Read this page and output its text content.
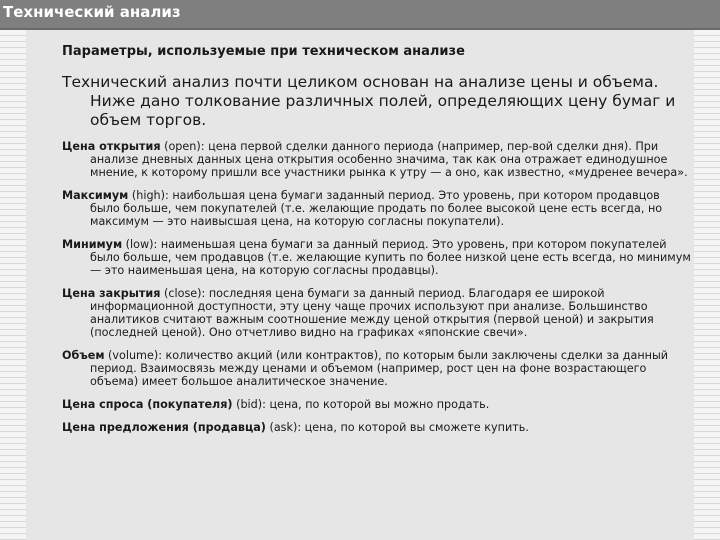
Технический анализ

Параметры, используемые при техническом анализе

Технический анализ почти целиком основан на анализе цены и объема. Ниже дано толкование различных полей, определяющих цену бумаг и объем торгов.

Цена открытия (open): цена первой сделки данного периода (например, пер-вой сделки дня). При анализе дневных данных цена открытия особенно значима, так как она отражает единодушное мнение, к которому пришли все участники рынка к утру — а оно, как известно, «мудренее вечера».

Максимум (high): наибольшая цена бумаги заданный период. Это уровень, при котором продавцов было больше, чем покупателей (т.е. желающие продать по более высокой цене есть всегда, но максимум — это наивысшая цена, на которую согласны покупатели).

Минимум (low): наименьшая цена бумаги за данный период. Это уровень, при котором покупателей было больше, чем продавцов (т.е. желающие купить по более низкой цене есть всегда, но минимум — это наименьшая цена, на которую согласны продавцы).

Цена закрытия (close): последняя цена бумаги за данный период. Благодаря ее широкой информационной доступности, эту цену чаще прочих используют при анализе. Большинство аналитиков считают важным соотношение между ценой открытия (первой ценой) и закрытия (последней ценой). Оно отчетливо видно на графиках «японские свечи».

Объем (volume): количество акций (или контрактов), по которым были заключены сделки за данный период. Взаимосвязь между ценами и объемом (например, рост цен на фоне возрастающего объема) имеет большое аналитическое значение.

Цена спроса (покупателя) (bid): цена, по которой вы можно продать.

Цена предложения (продавца) (ask): цена, по которой вы сможете купить.
